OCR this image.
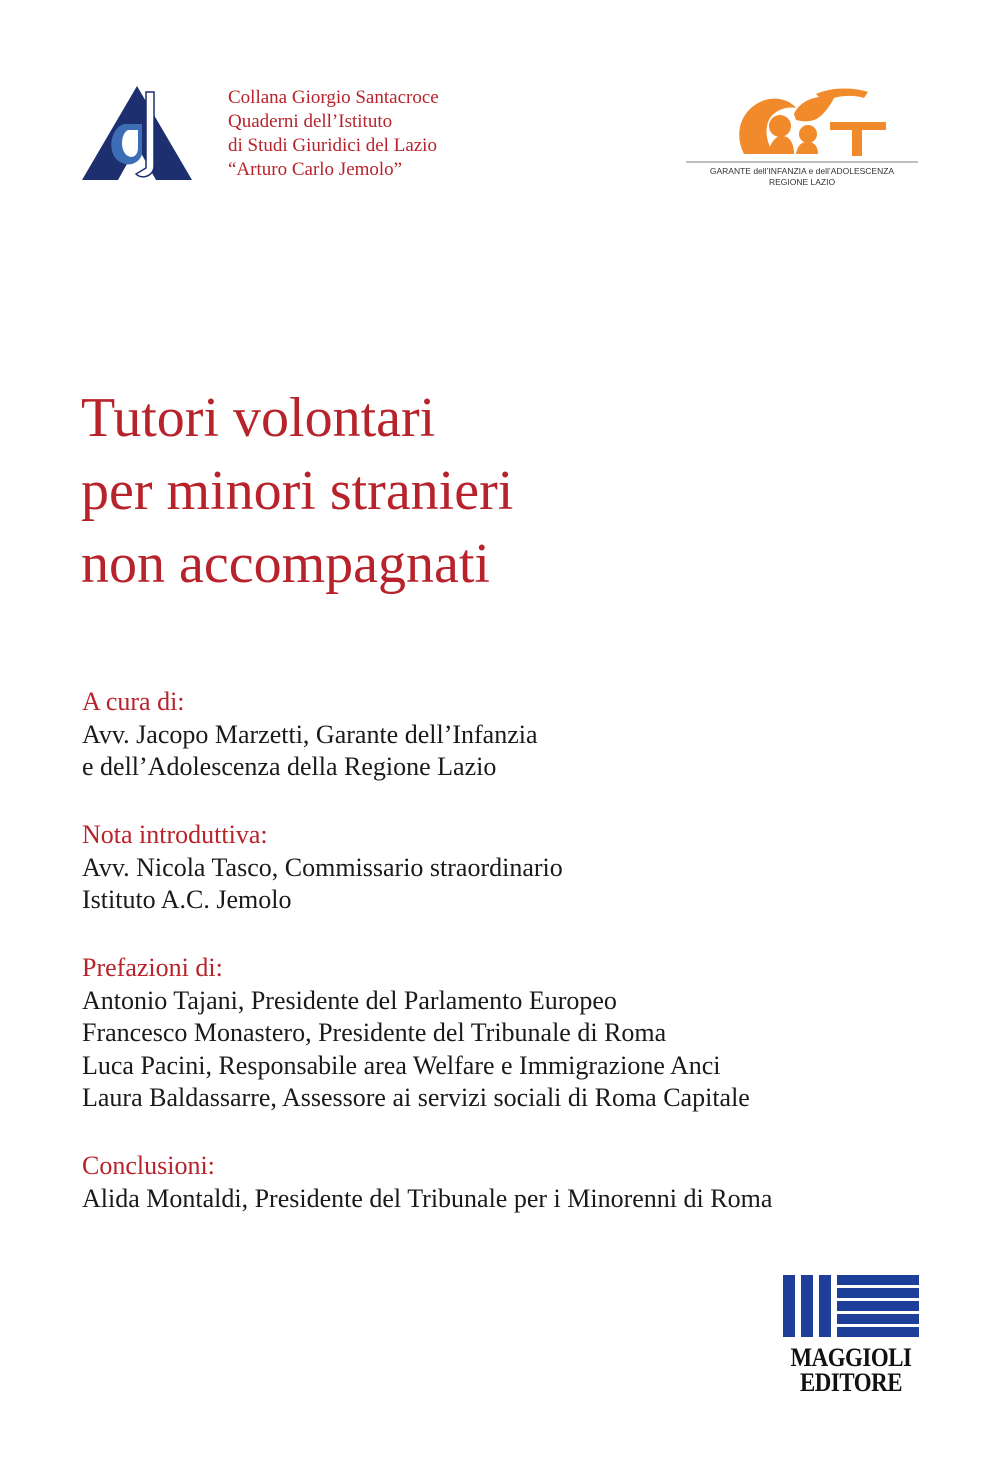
Collana Giorgio Santacroce
Quaderni dell’Istituto
di Studi Giuridici del Lazio
“Arturo Carlo Jemolo”	GARANTE dell’INFANZIA e dell’ADOLESCENZA
REGIONE LAZIO
Tutori volontari
per minori stranieri
non accompagnati
A cura di:
Avv. Jacopo Marzetti, Garante dell’Infanzia
e dell’Adolescenza della Regione Lazio
Nota introduttiva:
Avv. Nicola Tasco, Commissario straordinario
Istituto A.C. Jemolo
Prefazioni di:
Antonio Tajani, Presidente del Parlamento Europeo
Francesco Monastero, Presidente del Tribunale di Roma
Luca Pacini, Responsabile area Welfare e Immigrazione Anci
Laura Baldassarre, Assessore ai servizi sociali di Roma Capitale
Conclusioni:
Alida Montaldi, Presidente del Tribunale per i Minorenni di Roma
MAGGIOLI
EDITORE
